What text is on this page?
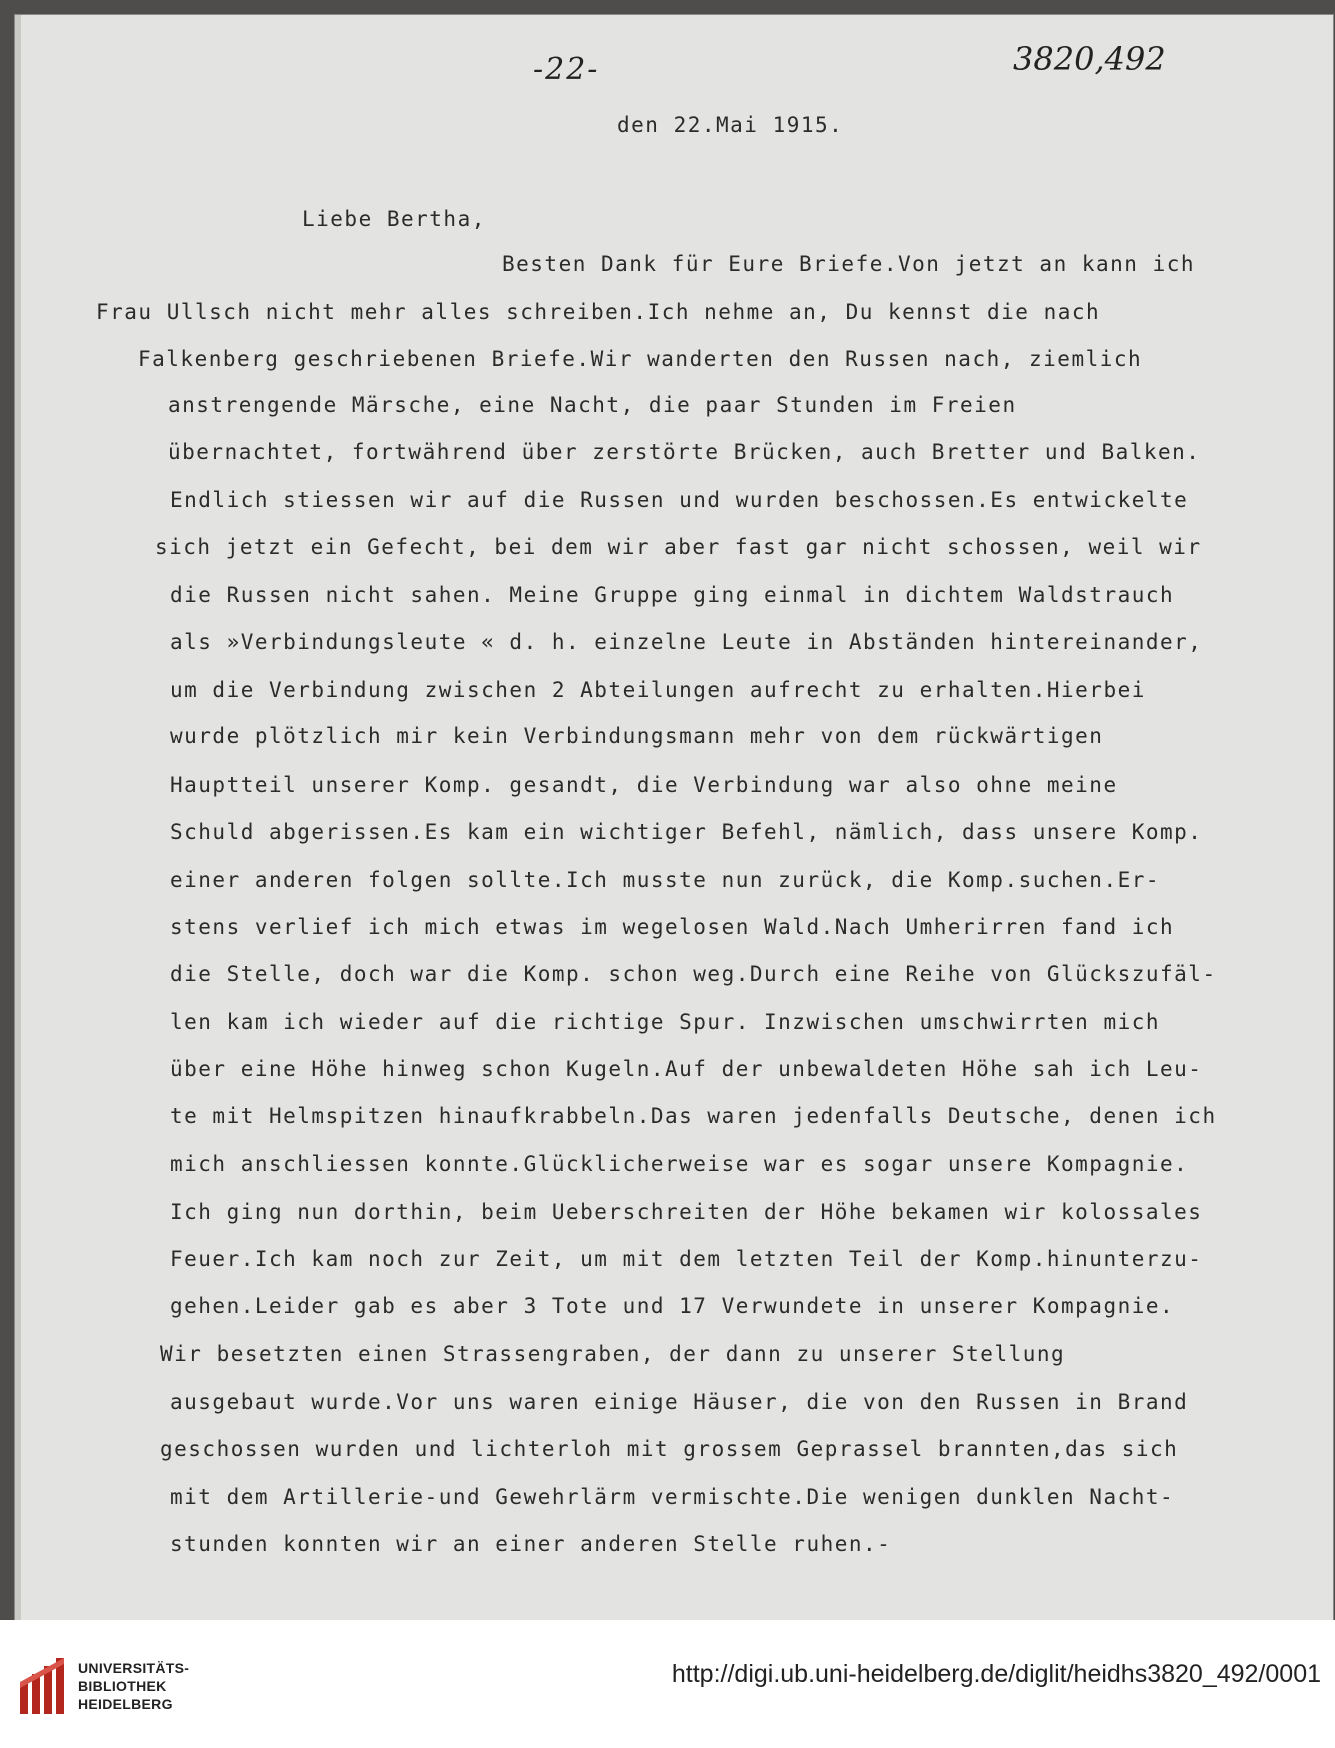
-22-	3820,492
den 22.Mai 1915.
Liebe Bertha,
Besten Dank für Eure Briefe.Von jetzt an kann ich
Frau Ullsch nicht mehr alles schreiben.Ich nehme an, Du kennst die nach
Falkenberg geschriebenen Briefe.Wir wanderten den Russen nach, ziemlich
anstrengende Märsche, eine Nacht, die paar Stunden im Freien
übernachtet, fortwährend über zerstörte Brücken, auch Bretter und Balken.
Endlich stiessen wir auf die Russen und wurden beschossen.Es entwickelte
sich jetzt ein Gefecht, bei dem wir aber fast gar nicht schossen, weil wir
die Russen nicht sahen. Meine Gruppe ging einmal in dichtem Waldstrauch
als »Verbindungsleute « d. h. einzelne Leute in Abständen hintereinander,
um die Verbindung zwischen 2 Abteilungen aufrecht zu erhalten.Hierbei
wurde plötzlich mir kein Verbindungsmann mehr von dem rückwärtigen
Hauptteil unserer Komp. gesandt, die Verbindung war also ohne meine
Schuld abgerissen.Es kam ein wichtiger Befehl, nämlich, dass unsere Komp.
einer anderen folgen sollte.Ich musste nun zurück, die Komp.suchen.Er-
stens verlief ich mich etwas im wegelosen Wald.Nach Umherirren fand ich
die Stelle, doch war die Komp. schon weg.Durch eine Reihe von Glückszufäl-
len kam ich wieder auf die richtige Spur. Inzwischen umschwirrten mich
über eine Höhe hinweg schon Kugeln.Auf der unbewaldeten Höhe sah ich Leu-
te mit Helmspitzen hinaufkrabbeln.Das waren jedenfalls Deutsche, denen ich
mich anschliessen konnte.Glücklicherweise war es sogar unsere Kompagnie.
Ich ging nun dorthin, beim Ueberschreiten der Höhe bekamen wir kolossales
Feuer.Ich kam noch zur Zeit, um mit dem letzten Teil der Komp.hinunterzu-
gehen.Leider gab es aber 3 Tote und 17 Verwundete in unserer Kompagnie.
Wir besetzten einen Strassengraben, der dann zu unserer Stellung
ausgebaut wurde.Vor uns waren einige Häuser, die von den Russen in Brand
geschossen wurden und lichterloh mit grossem Geprassel brannten,das sich
mit dem Artillerie-und Gewehrlärm vermischte.Die wenigen dunklen Nacht-
stunden konnten wir an einer anderen Stelle ruhen.-
UNIVERSITÄTS-
BIBLIOTHEK
HEIDELBERG
http://digi.ub.uni-heidelberg.de/diglit/heidhs3820_492/0001
